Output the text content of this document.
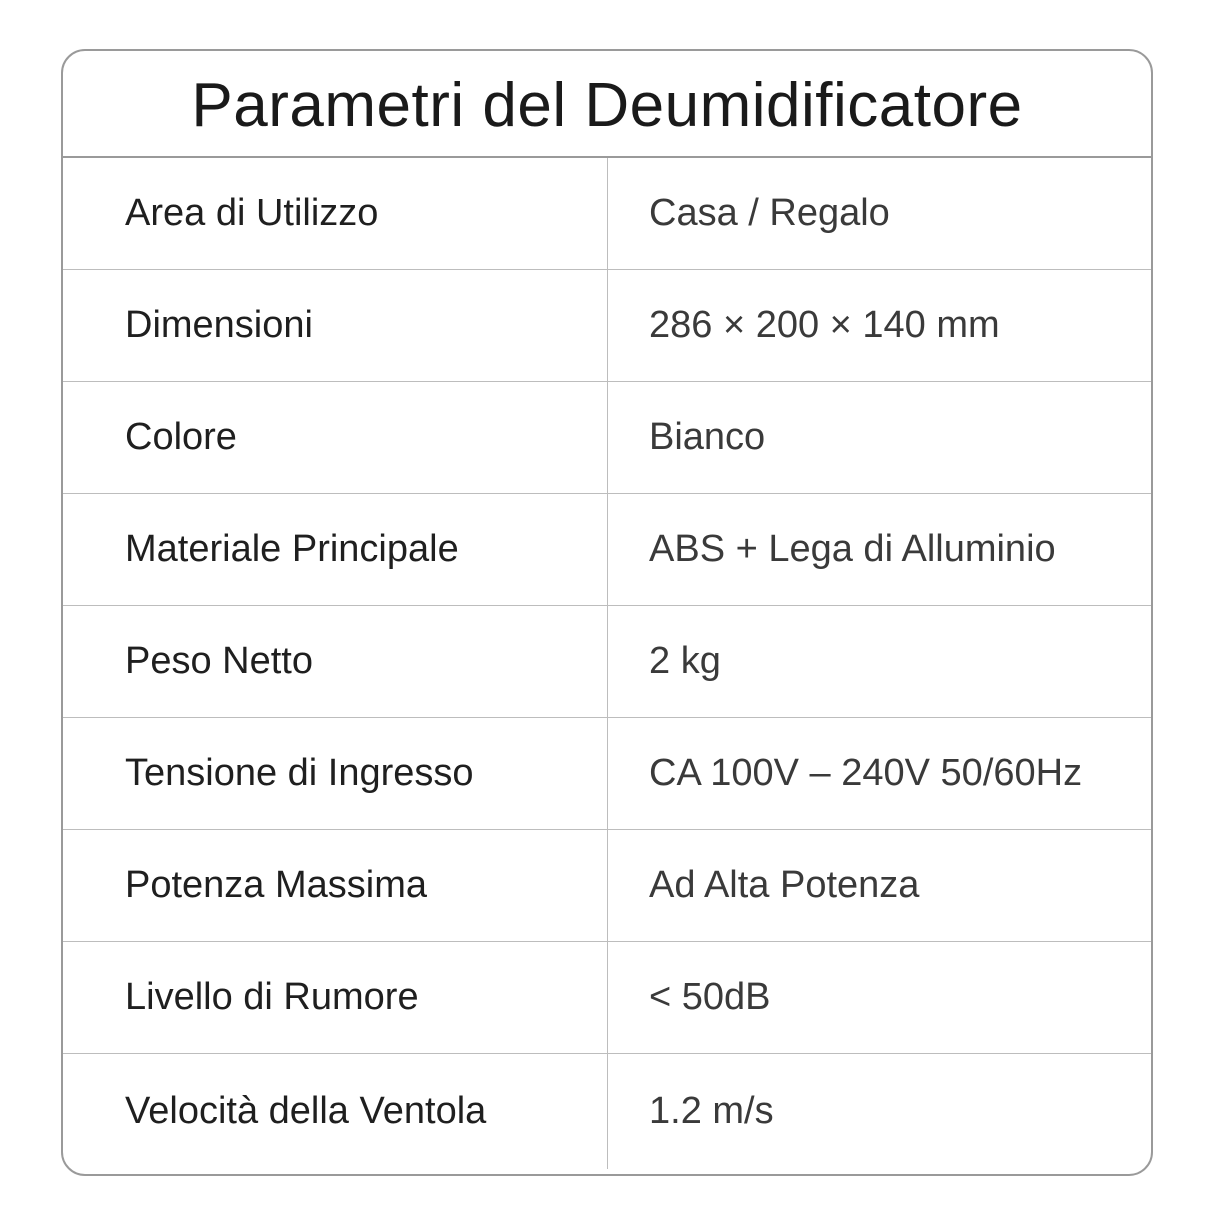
Parametri del Deumidificatore
Area di Utilizzo	Casa / Regalo
Dimensioni	286 × 200 × 140 mm
Colore	Bianco
Materiale Principale	ABS + Lega di Alluminio
Peso Netto	2 kg
Tensione di Ingresso	CA 100V – 240V 50/60Hz
Potenza Massima	Ad Alta Potenza
Livello di Rumore	< 50dB
Velocità della Ventola	1.2 m/s
